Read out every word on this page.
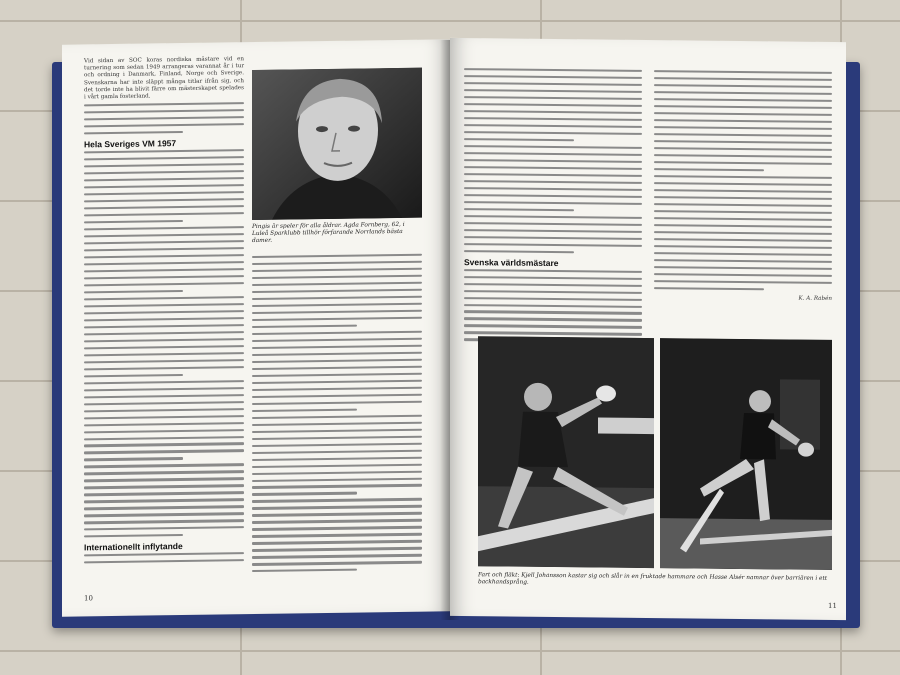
Vid sidan av SOC koras nordiska mästare vid en turnering som sedan 1949 arrangeras varannat år i tur och ordning i Danmark, Finland, Norge och Sverige. Svenskarna har inte släppt många titlar ifrån sig, och det torde inte ha blivit färre om mästerskapet spelades i vårt gamla fosterland.

Hela Sveriges VM 1957
Internationellt inflytande
Pingis är speler för alla åldrar. Agda Fornberg, 62, i Luleå Sparklubb tillhör förfarande Norrlands bästa damer.
10
Svenska världsmästare
K. A. Rabén
Fart och fläkt: Kjell Johansson kastar sig och slår in en fruktade hammare och Hasse Alsér namnar över barriären i ett backhandsprång.
11
